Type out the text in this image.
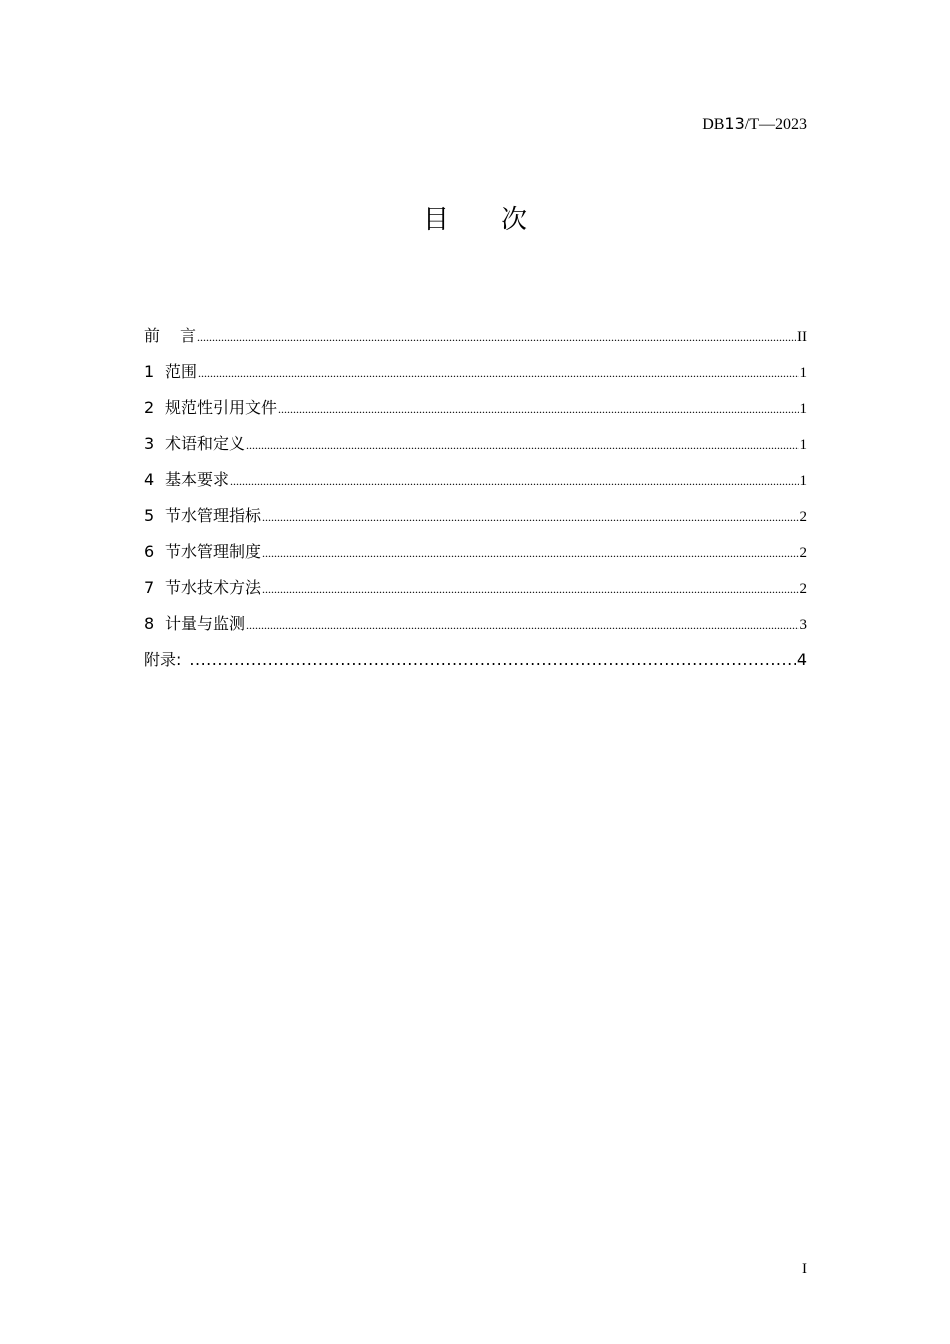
DB13/T—2023
目 次
前 言 .....	II
1 范围 .....	1
2 规范性引用文件 .....	1
3 术语和定义 .....	1
4 基本要求 .....	1
5 节水管理指标 .....	2
6 节水管理制度 .....	2
7 节水技术方法 .....	2
8 计量与监测 .....	3
附录: .....	4
I
